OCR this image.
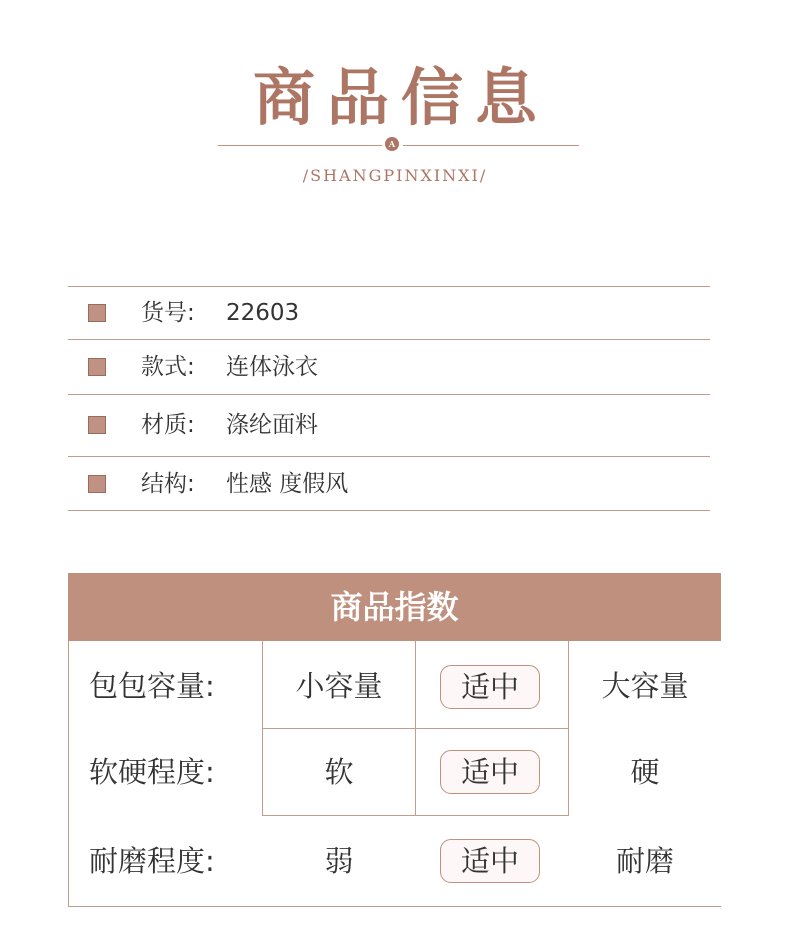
商品信息
A
/SHANGPINXINXI/
货号: 22603
款式: 连体泳衣
材质: 涤纶面料
结构: 性感 度假风
商品指数
包包容量:	小容量	适中	大容量
软硬程度:	软	适中	硬
耐磨程度:	弱	适中	耐磨
